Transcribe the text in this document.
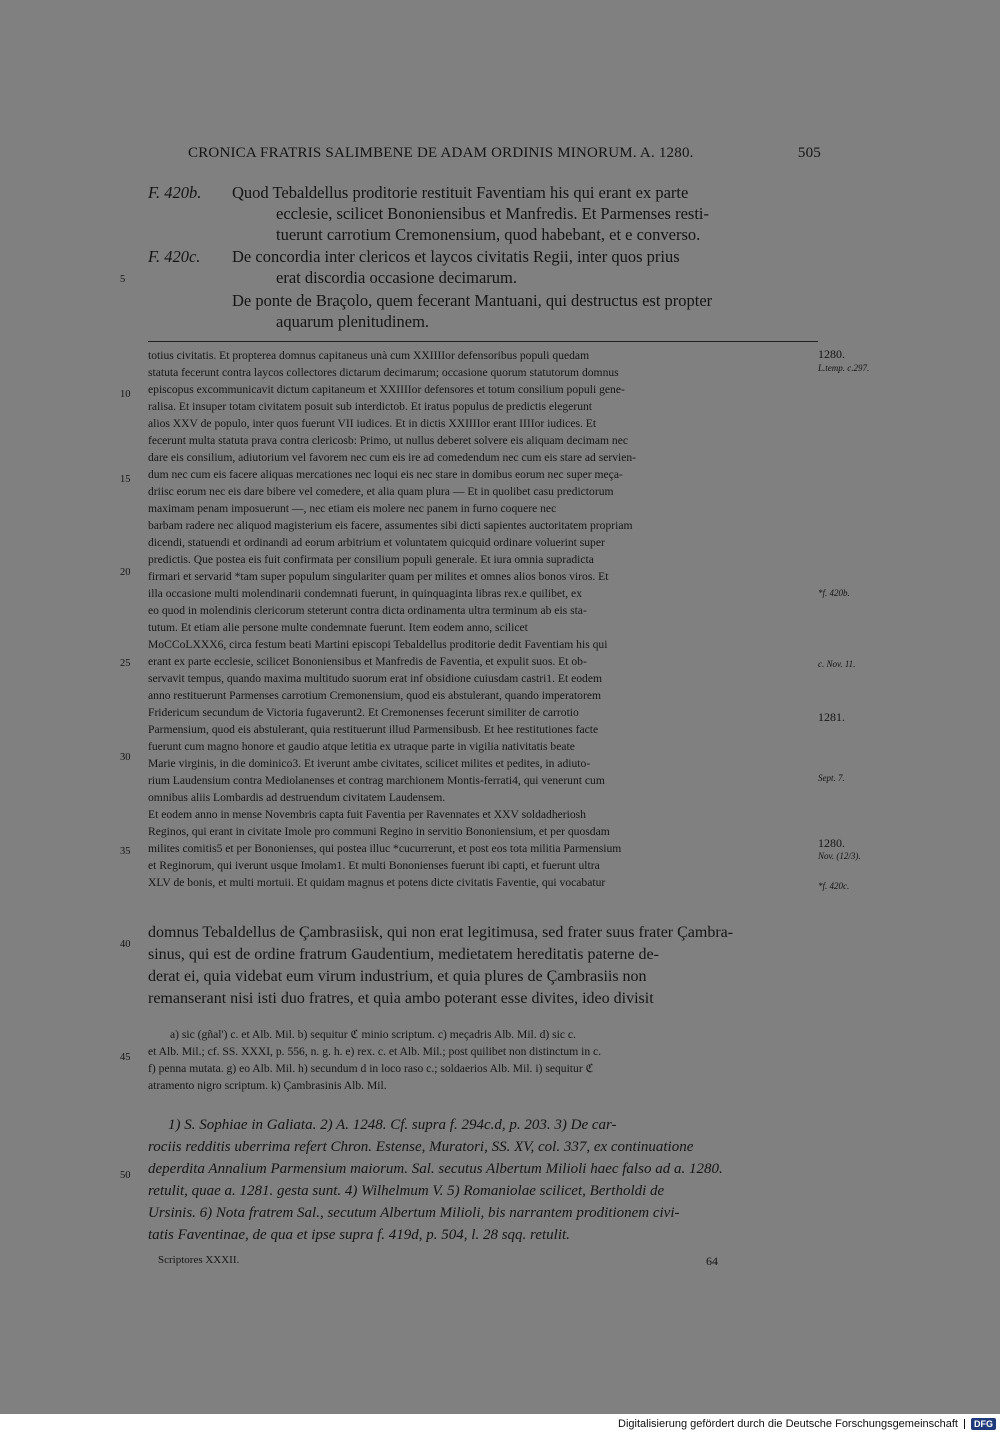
CRONICA FRATRIS SALIMBENE DE ADAM ORDINIS MINORUM. A. 1280.	505
F. 420b. Quod Tebaldellus proditorie restituit Faventiam his qui erant ex parte
ecclesie, scilicet Bononiensibus et Manfredis. Et Parmenses resti-
tuerunt carrotium Cremonensium, quod habebant, et e converso.
F. 420c. De concordia inter clericos et laycos civitatis Regii, inter quos prius
erat discordia occasione decimarum.
De ponte de Braçolo, quem fecerant Mantuani, qui destructus est propter
aquarum plenitudinem.
5
10
15
20
25
30
35
40
45
50
1280.
L.temp. c.297.
*f. 420b.
c. Nov. 11.
1281.
Sept. 7.
1280.
Nov. (12/3).
*f. 420c.
totius civitatis. Et propterea domnus capitaneus unà cum XXIIIIor defensoribus populi quedam
statuta fecerunt contra laycos collectores dictarum decimarum; occasione quorum statutorum domnus
episcopus excommunicavit dictum capitaneum et XXIIIIor defensores et totum consilium populi gene-
ralisa. Et insuper totam civitatem posuit sub interdictob. Et iratus populus de predictis elegerunt
alios XXV de populo, inter quos fuerunt VII iudices. Et in dictis XXIIIIor erant IIIIor iudices. Et
fecerunt multa statuta prava contra clericosb: Primo, ut nullus deberet solvere eis aliquam decimam nec
dare eis consilium, adiutorium vel favorem nec cum eis ire ad comedendum nec cum eis stare ad servien-
dum nec cum eis facere aliquas mercationes nec loqui eis nec stare in domibus eorum nec super meça-
driisc eorum nec eis dare bibere vel comedere, et alia quam plura — Et in quolibet casu predictorum
maximam penam imposuerunt —, nec etiam eis molere nec panem in furno coquere nec
barbam radere nec aliquod magisterium eis facere, assumentes sibi dicti sapientes auctoritatem propriam
dicendi, statuendi et ordinandi ad eorum arbitrium et voluntatem quicquid ordinare voluerint super
predictis. Que postea eis fuit confirmata per consilium populi generale. Et iura omnia supradicta
firmari et servarid *tam super populum singulariter quam per milites et omnes alios bonos viros. Et
illa occasione multi molendinarii condemnati fuerunt, in quinquaginta libras rex.e quilibet, ex
eo quod in molendinis clericorum steterunt contra dicta ordinamenta ultra terminum ab eis sta-
tutum. Et etiam alie persone multe condemnate fuerunt. Item eodem anno, scilicet
MoCCoLXXX6, circa festum beati Martini episcopi Tebaldellus proditorie dedit Faventiam his qui
erant ex parte ecclesie, scilicet Bononiensibus et Manfredis de Faventia, et expulit suos. Et ob-
servavit tempus, quando maxima multitudo suorum erat inf obsidione cuiusdam castri1. Et eodem
anno restituerunt Parmenses carrotium Cremonensium, quod eis abstulerant, quando imperatorem
Fridericum secundum de Victoria fugaverunt2. Et Cremonenses fecerunt similiter de carrotio
Parmensium, quod eis abstulerant, quia restituerunt illud Parmensibusb. Et hee restitutiones facte
fuerunt cum magno honore et gaudio atque letitia ex utraque parte in vigilia nativitatis beate
Marie virginis, in die dominico3. Et iverunt ambe civitates, scilicet milites et pedites, in adiuto-
rium Laudensium contra Mediolanenses et contrag marchionem Montis-ferrati4, qui venerunt cum
omnibus aliis Lombardis ad destruendum civitatem Laudensem.
Et eodem anno in mense Novembris capta fuit Faventia per Ravennates et XXV soldadheriosh
Reginos, qui erant in civitate Imole pro communi Regino in servitio Bononiensium, et per quosdam
milites comitis5 et per Bononienses, qui postea illuc *cucurrerunt, et post eos tota militia Parmensium
et Reginorum, qui iverunt usque Imolam1. Et multi Bononienses fuerunt ibi capti, et fuerunt ultra
XLV de bonis, et multi mortuii. Et quidam magnus et potens dicte civitatis Faventie, qui vocabatur
domnus Tebaldellus de Çambrasiisk, qui non erat legitimusa, sed frater suus frater Çambra-
sinus, qui est de ordine fratrum Gaudentium, medietatem hereditatis paterne de-
derat ei, quia videbat eum virum industrium, et quia plures de Çambrasiis non
remanserant nisi isti duo fratres, et quia ambo poterant esse divites, ideo divisit
a) sic (gñal') c. et Alb. Mil. b) sequitur ℭ minio scriptum. c) meçadris Alb. Mil. d) sic c.
et Alb. Mil.; cf. SS. XXXI, p. 556, n. g. h. e) rex. c. et Alb. Mil.; post quilibet non distinctum in c.
f) penna mutata. g) eo Alb. Mil. h) secundum d in loco raso c.; soldaerios Alb. Mil. i) sequitur ℭ
atramento nigro scriptum. k) Çambrasinis Alb. Mil.
1) S. Sophiae in Galiata. 2) A. 1248. Cf. supra f. 294c.d, p. 203. 3) De car-
rociis redditis uberrima refert Chron. Estense, Muratori, SS. XV, col. 337, ex continuatione
deperdita Annalium Parmensium maiorum. Sal. secutus Albertum Milioli haec falso ad a. 1280.
retulit, quae a. 1281. gesta sunt. 4) Wilhelmum V. 5) Romaniolae scilicet, Bertholdi de
Ursinis. 6) Nota fratrem Sal., secutum Albertum Milioli, bis narrantem proditionem civi-
tatis Faventinae, de qua et ipse supra f. 419d, p. 504, l. 28 sqq. retulit.
Scriptores XXXII.	64
Digitalisierung gefördert durch die Deutsche Forschungsgemeinschaft	DFG
